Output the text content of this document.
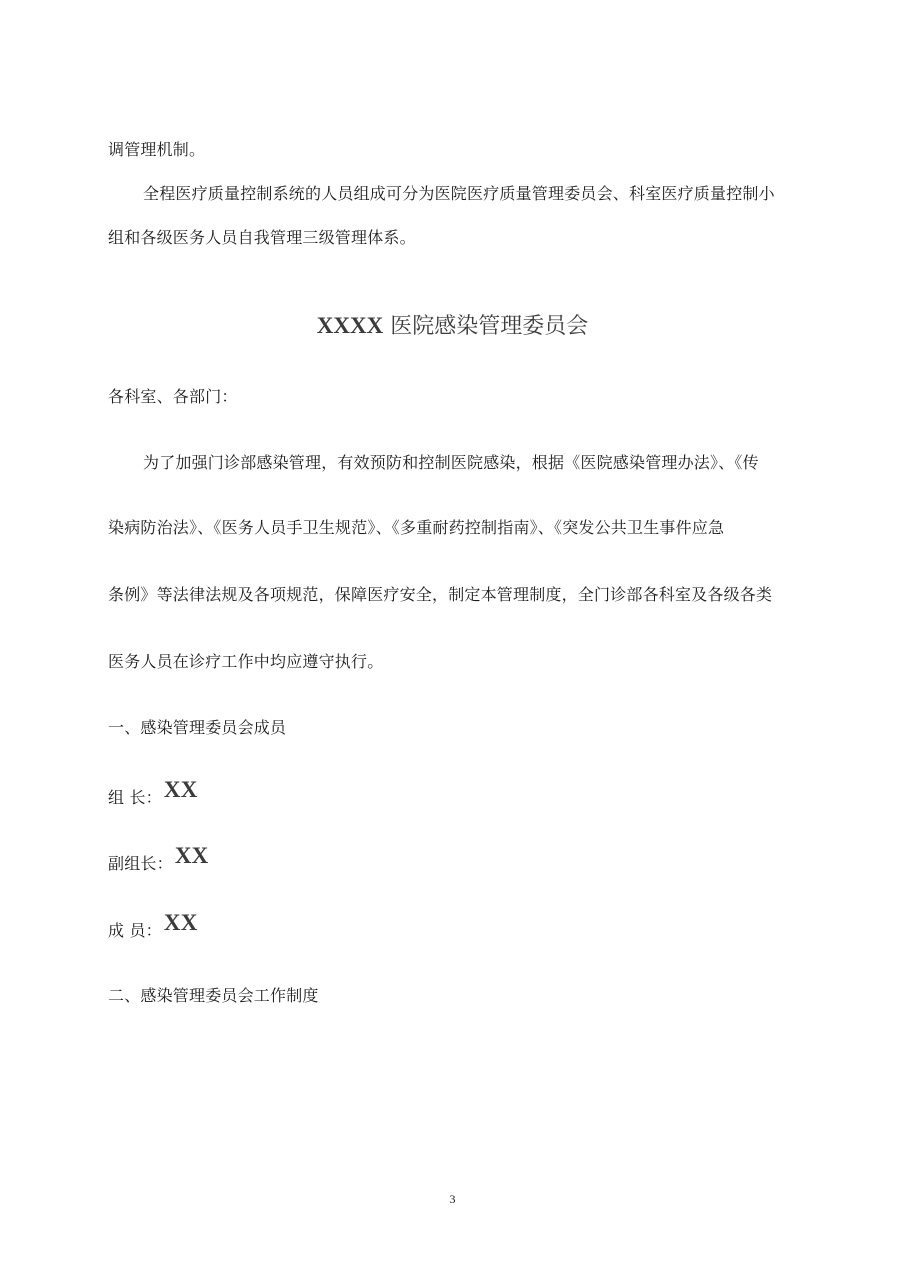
调管理机制。
全程医疗质量控制系统的人员组成可分为医院医疗质量管理委员会、科室医疗质量控制小
组和各级医务人员自我管理三级管理体系。
XXXX 医院感染管理委员会
各科室、各部门：
为了加强门诊部感染管理，有效预防和控制医院感染，根据《医院感染管理办法》、《传
染病防治法》、《医务人员手卫生规范》、《多重耐药控制指南》、《突发公共卫生事件应急
条例》等法律法规及各项规范，保障医疗安全，制定本管理制度，全门诊部各科室及各级各类
医务人员在诊疗工作中均应遵守执行。
一、感染管理委员会成员
组 长：XX
副组长：XX
成 员：XX
二、感染管理委员会工作制度
3
